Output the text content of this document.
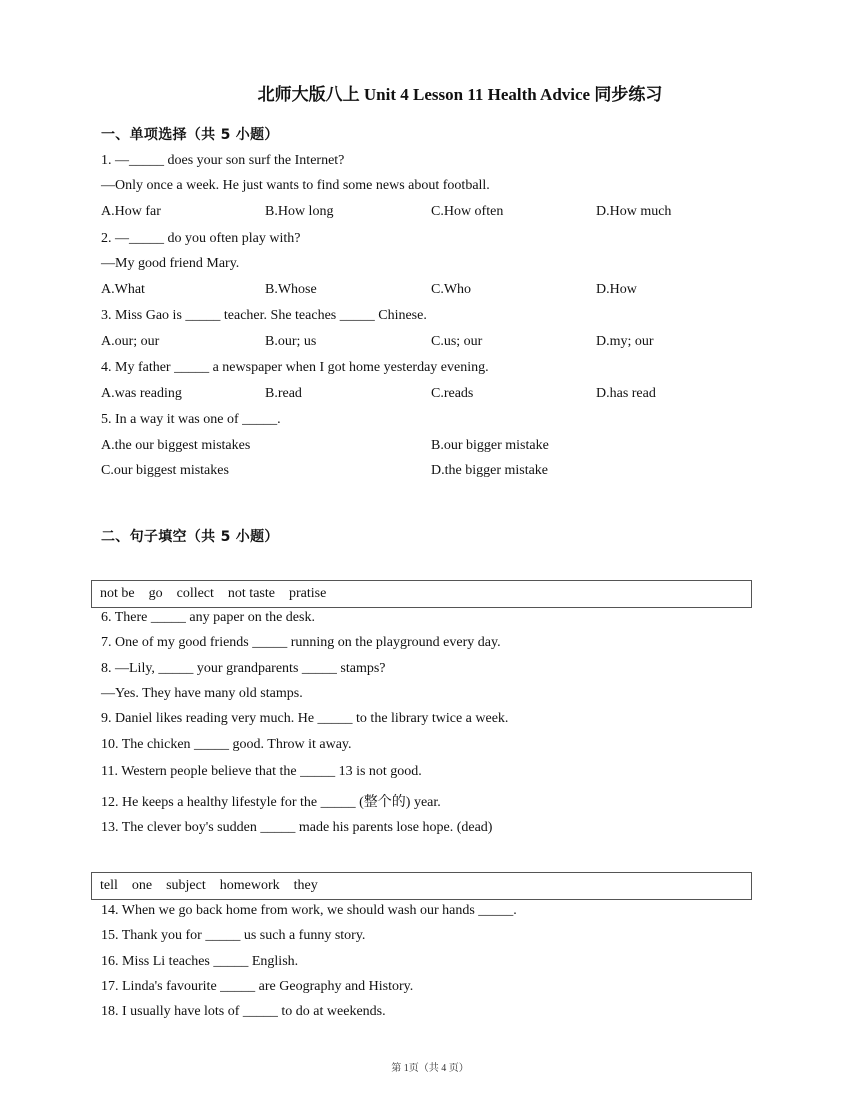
北师大版八上 Unit 4 Lesson 11 Health Advice 同步练习
一、单项选择（共 5 小题）
1. —_____ does your son surf the Internet?
—Only once a week. He just wants to find some news about football.
A.How far	B.How long	C.How often	D.How much
2. —_____ do you often play with?
—My good friend Mary.
A.What	B.Whose	C.Who	D.How
3. Miss Gao is _____ teacher. She teaches _____ Chinese.
A.our; our	B.our; us	C.us; our	D.my; our
4. My father _____ a newspaper when I got home yesterday evening.
A.was reading	B.read	C.reads	D.has read
5. In a way it was one of _____.
A.the our biggest mistakes	B.our bigger mistake
C.our biggest mistakes	D.the bigger mistake
二、句子填空（共 5 小题）
not be    go    collect    not taste    pratise
6. There _____ any paper on the desk.
7. One of my good friends _____ running on the playground every day.
8. —Lily, _____ your grandparents _____ stamps?
—Yes. They have many old stamps.
9. Daniel likes reading very much. He _____ to the library twice a week.
10. The chicken _____ good. Throw it away.
11. Western people believe that the _____ 13 is not good.
12. He keeps a healthy lifestyle for the _____ (整个的) year.
13. The clever boy's sudden _____ made his parents lose hope. (dead)
tell    one    subject    homework    they
14. When we go back home from work, we should wash our hands _____.
15. Thank you for _____ us such a funny story.
16. Miss Li teaches _____ English.
17. Linda's favourite _____ are Geography and History.
18. I usually have lots of _____ to do at weekends.
第 1页（共 4 页）
